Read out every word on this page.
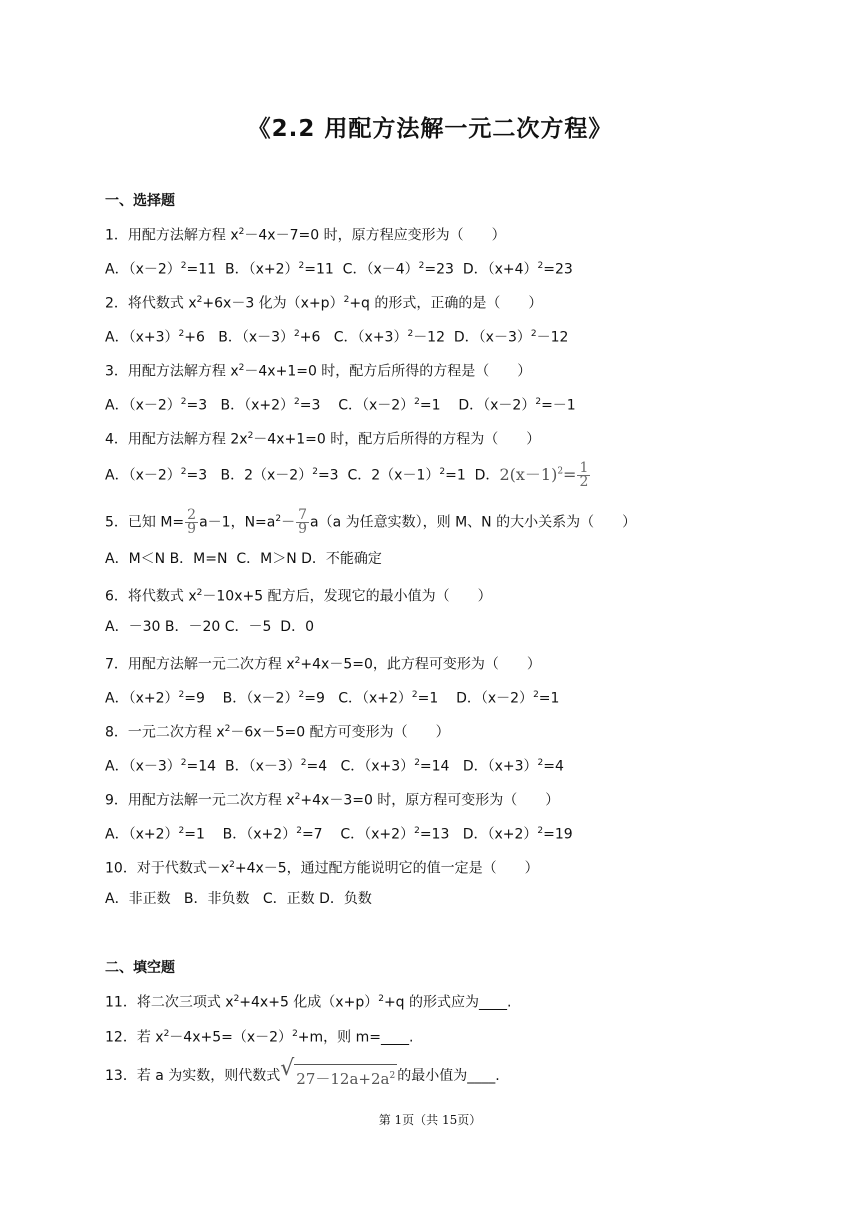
《2.2 用配方法解一元二次方程》
一、选择题
1．用配方法解方程 $x^2-4x-7=0$ 时，原方程应变形为（　　）
A．$(x-2)^2=11$  B．$(x+2)^2=11$  C．$(x-4)^2=23$  D．$(x+4)^2=23$
2．将代数式 $x^2+6x-3$ 化为$(x+p)^2+q$ 的形式，正确的是（　　）
A．$(x+3)^2+6$   B．$(x-3)^2+6$   C．$(x+3)^2-12$  D．$(x-3)^2-12$
3．用配方法解方程 $x^2-4x+1=0$ 时，配方后所得的方程是（　　）
A．$(x-2)^2=3$   B．$(x+2)^2=3$    C．$(x-2)^2=1$    D．$(x-2)^2=-1$
4．用配方法解方程 $2x^2-4x+1=0$ 时，配方后所得的方程为（　　）
A．$(x-2)^2=3$   B．$2(x-2)^2=3$  C．$2(x-1)^2=1$  D．$2(x-1)^2= \frac{1}{2}$
5．已知 $M= \frac{2}{9} a-1$，$N=a^2- \frac{7}{9} a(a$ 为任意实数），则 M、N 的大小关系为（　　）
A．M＜N B．M=N  C．M＞N D．不能确定
6．将代数式 $x^2-10x+5$ 配方后，发现它的最小值为（　　）
A．－30 B．－20 C．－5  D．0
7．用配方法解一元二次方程 $x^2+4x-5=0$，此方程可变形为（　　）
A．$(x+2)^2=9$    B．$(x-2)^2=9$   C．$(x+2)^2=1$    D．$(x-2)^2=1$
8．一元二次方程 $x^2-6x-5=0$ 配方可变形为（　　）
A．$(x-3)^2=14$  B．$(x-3)^2=4$   C．$(x+3)^2=14$   D．$(x+3)^2=4$
9．用配方法解一元二次方程 $x^2+4x-3=0$ 时，原方程可变形为（　　）
A．$(x+2)^2=1$    B．$(x+2)^2=7$    C．$(x+2)^2=13$   D．$(x+2)^2=19$
10．对于代数式$-x^2+4x-5$，通过配方能说明它的值一定是（　　）
A．非正数   B．非负数   C．正数 D．负数
二、填空题
11．将二次三项式 $x^2+4x+5$ 化成$(x+p)^2+q$ 的形式应为____.
12．若 $x^2-4x+5=(x-2)^2+m$，则 m=____.
13．若 a 为实数，则代数式 √ $27-12a+2a^2$ 的最小值为____.
第 1页（共 15页）
